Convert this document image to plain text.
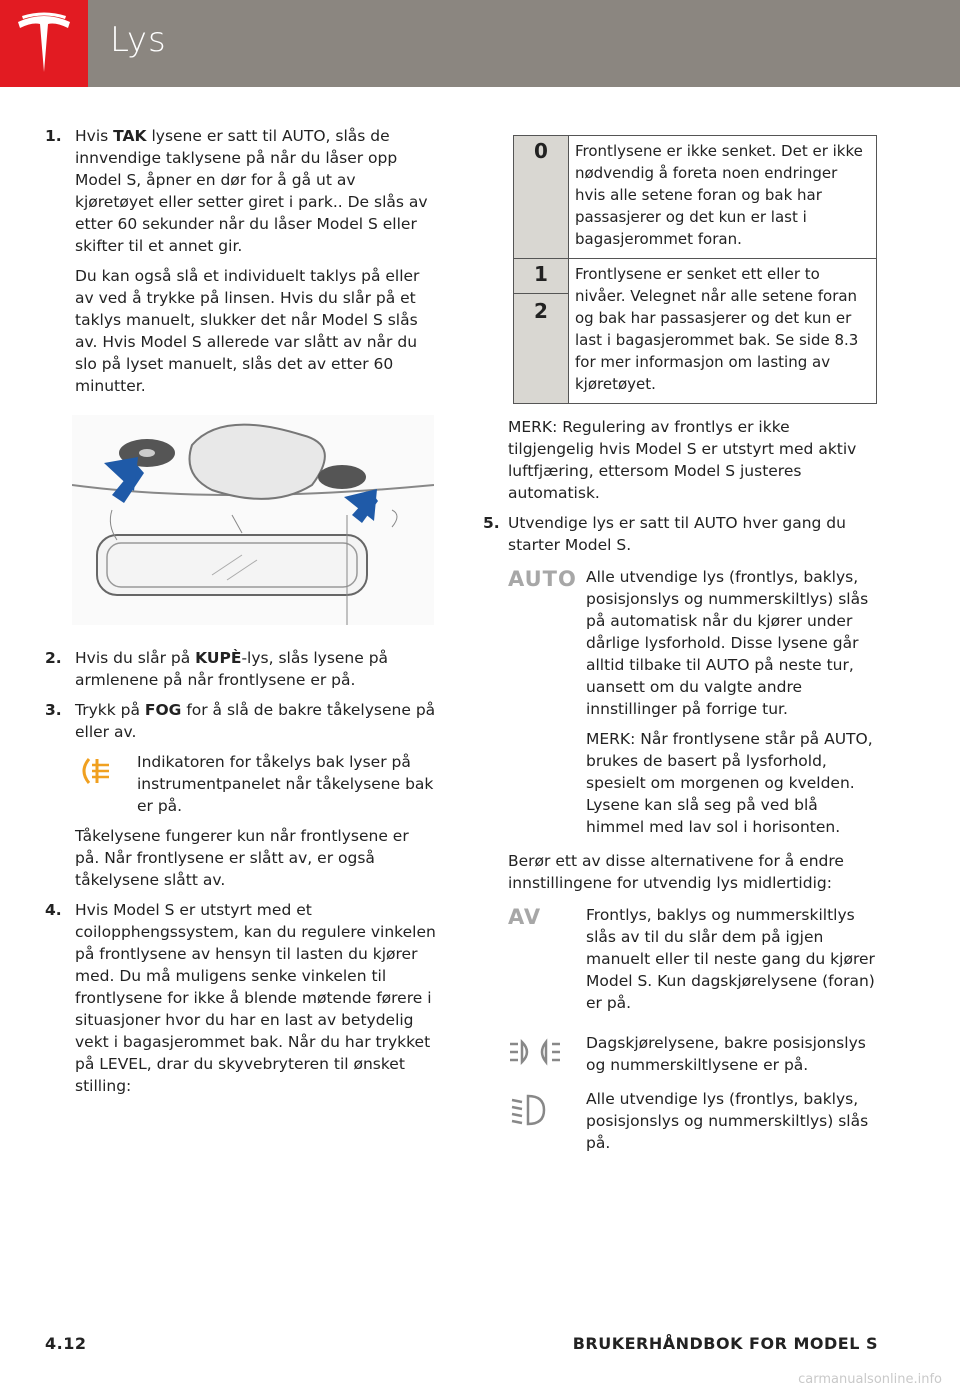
Lys
1. Hvis TAK lysene er satt til AUTO, slås de innvendige taklysene på når du låser opp Model S, åpner en dør for å gå ut av kjøretøyet eller setter giret i park.. De slås av etter 60 sekunder når du låser Model S eller skifter til et annet gir.

Du kan også slå et individuelt taklys på eller av ved å trykke på linsen. Hvis du slår på et taklys manuelt, slukker det når Model S slås av. Hvis Model S allerede var slått av når du slo på lyset manuelt, slås det av etter 60 minutter.

2. Hvis du slår på KUPÈ-lys, slås lysene på armlenene på når frontlysene er på.

3. Trykk på FOG for å slå de bakre tåkelysene på eller av.

Indikatoren for tåkelys bak lyser på instrumentpanelet når tåkelysene bak er på.

Tåkelysene fungerer kun når frontlysene er på. Når frontlysene er slått av, er også tåkelysene slått av.

4. Hvis Model S er utstyrt med et coilopphengssystem, kan du regulere vinkelen på frontlysene av hensyn til lasten du kjører med. Du må muligens senke vinkelen til frontlysene for ikke å blende møtende førere i situasjoner hvor du har en last av betydelig vekt i bagasjerommet bak. Når du har trykket på LEVEL, drar du skyvebryteren til ønsket stilling:

0	Frontlysene er ikke senket. Det er ikke nødvendig å foreta noen endringer hvis alle setene foran og bak har passasjerer og det kun er last i bagasjerommet foran.

1
2	Frontlysene er senket ett eller to nivåer. Velegnet når alle setene foran og bak har passasjerer og det kun er last i bagasjerommet bak. Se side 8.3 for mer informasjon om lasting av kjøretøyet.

MERK: Regulering av frontlys er ikke tilgjengelig hvis Model S er utstyrt med aktiv luftfjæring, ettersom Model S justeres automatisk.

5. Utvendige lys er satt til AUTO hver gang du starter Model S.
AUTO Alle utvendige lys (frontlys, baklys, posisjonslys og nummerskiltlys) slås på automatisk når du kjører under dårlige lysforhold. Disse lysene går alltid tilbake til AUTO på neste tur, uansett om du valgte andre innstillinger på forrige tur.
MERK: Når frontlysene står på AUTO, brukes de basert på lysforhold, spesielt om morgenen og kvelden. Lysene kan slå seg på ved blå himmel med lav sol i horisonten.
Berør ett av disse alternativene for å endre innstillingene for utvendig lys midlertidig:
AV	Frontlys, baklys og nummerskiltlys slås av til du slår dem på igjen manuelt eller til neste gang du kjører Model S. Kun dagskjørelysene (foran) er på.
Dagskjørelysene, bakre posisjonslys og nummerskiltlysene er på.
Alle utvendige lys (frontlys, baklys, posisjonslys og nummerskiltlys) slås på.
4.12	BRUKERHÅNDBOK FOR MODEL S
carmanualsonline.info
